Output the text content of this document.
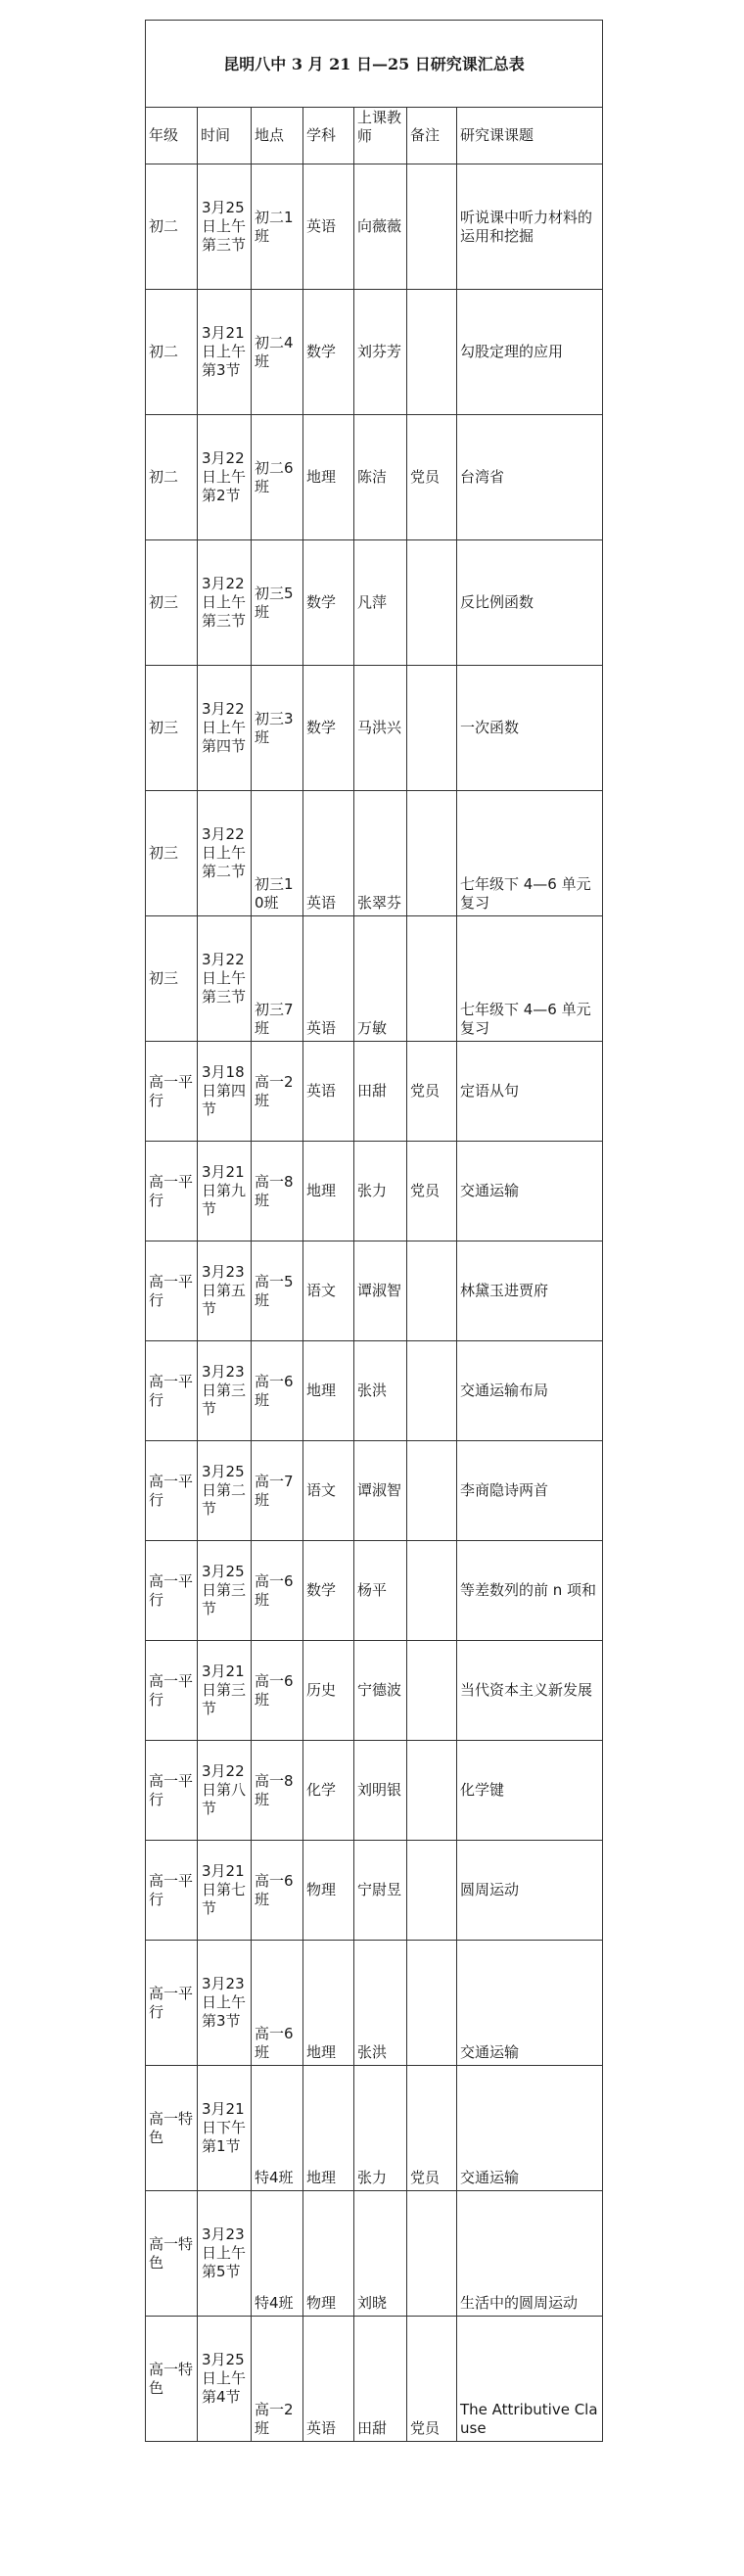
昆明八中 3 月 21 日—25 日研究课汇总表						
年级	时间	地点	学科	上课教师	备注	研究课课题
初二	3月25日上午第三节	初二1班	英语	向薇薇		听说课中听力材料的运用和挖掘
初二	3月21日上午第3节	初二4班	数学	刘芬芳		勾股定理的应用
初二	3月22日上午第2节	初二6班	地理	陈洁	党员	台湾省
初三	3月22日上午第三节	初三5班	数学	凡萍		反比例函数
初三	3月22日上午第四节	初三3班	数学	马洪兴		一次函数
初三	3月22日上午第二节	初三10班	英语	张翠芬		七年级下 4—6 单元复习
初三	3月22日上午第三节	初三7班	英语	万敏		七年级下 4—6 单元复习
高一平行	3月18日第四节	高一2班	英语	田甜	党员	定语从句
高一平行	3月21日第九节	高一8班	地理	张力	党员	交通运输
高一平行	3月23日第五节	高一5班	语文	谭淑智		林黛玉进贾府
高一平行	3月23日第三节	高一6班	地理	张洪		交通运输布局
高一平行	3月25日第二节	高一7班	语文	谭淑智		李商隐诗两首
高一平行	3月25日第三节	高一6班	数学	杨平		等差数列的前 n 项和
高一平行	3月21日第三节	高一6班	历史	宁德波		当代资本主义新发展
高一平行	3月22日第八节	高一8班	化学	刘明银		化学键
高一平行	3月21日第七节	高一6班	物理	宁尉昱		圆周运动
高一平行	3月23日上午第3节	高一6班	地理	张洪		交通运输
高一特色	3月21日下午第1节	特4班	地理	张力	党员	交通运输
高一特色	3月23日上午第5节	特4班	物理	刘晓		生活中的圆周运动
高一特色	3月25日上午第4节	高一2班	英语	田甜	党员	The Attributive Clause
